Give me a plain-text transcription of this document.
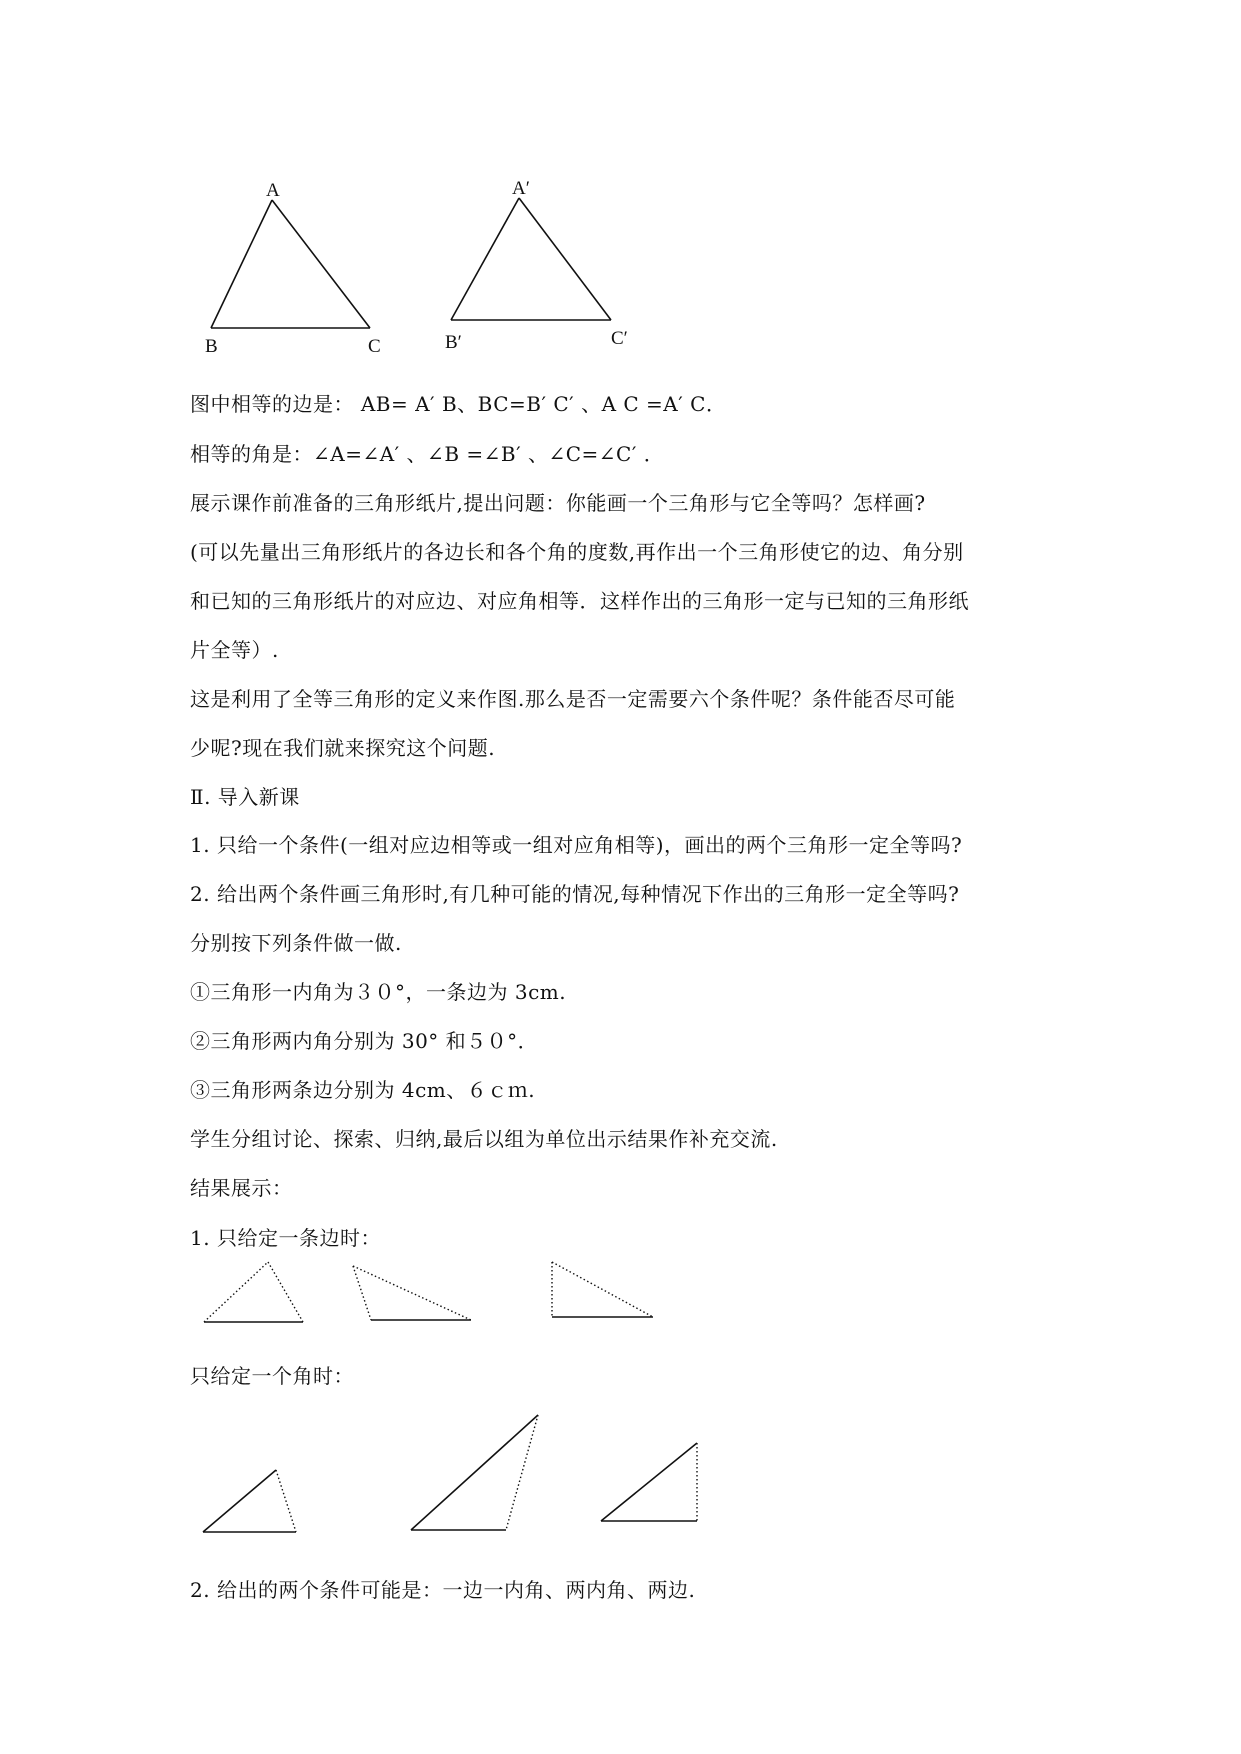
A
B	C
A′
B′	C′
图中相等的边是： AB= A′ B、BC=B′ C′ 、A C =A′ C．
相等的角是：∠A=∠A′ 、∠B =∠B′ 、∠C=∠C′ ．
展示课作前准备的三角形纸片,提出问题：你能画一个三角形与它全等吗？怎样画?
(可以先量出三角形纸片的各边长和各个角的度数,再作出一个三角形使它的边、角分别
和已知的三角形纸片的对应边、对应角相等．这样作出的三角形一定与已知的三角形纸
片全等）.
这是利用了全等三角形的定义来作图.那么是否一定需要六个条件呢？条件能否尽可能
少呢?现在我们就来探究这个问题.
Ⅱ. 导入新课
1. 只给一个条件(一组对应边相等或一组对应角相等)，画出的两个三角形一定全等吗?
2. 给出两个条件画三角形时,有几种可能的情况,每种情况下作出的三角形一定全等吗?
分别按下列条件做一做.
①三角形一内角为３０°，一条边为 3cm.
②三角形两内角分别为 30° 和５０°．
③三角形两条边分别为 4cm、６ｃｍ.
学生分组讨论、探索、归纳,最后以组为单位出示结果作补充交流.
结果展示：
1. 只给定一条边时：
只给定一个角时：
2. 给出的两个条件可能是：一边一内角、两内角、两边.
